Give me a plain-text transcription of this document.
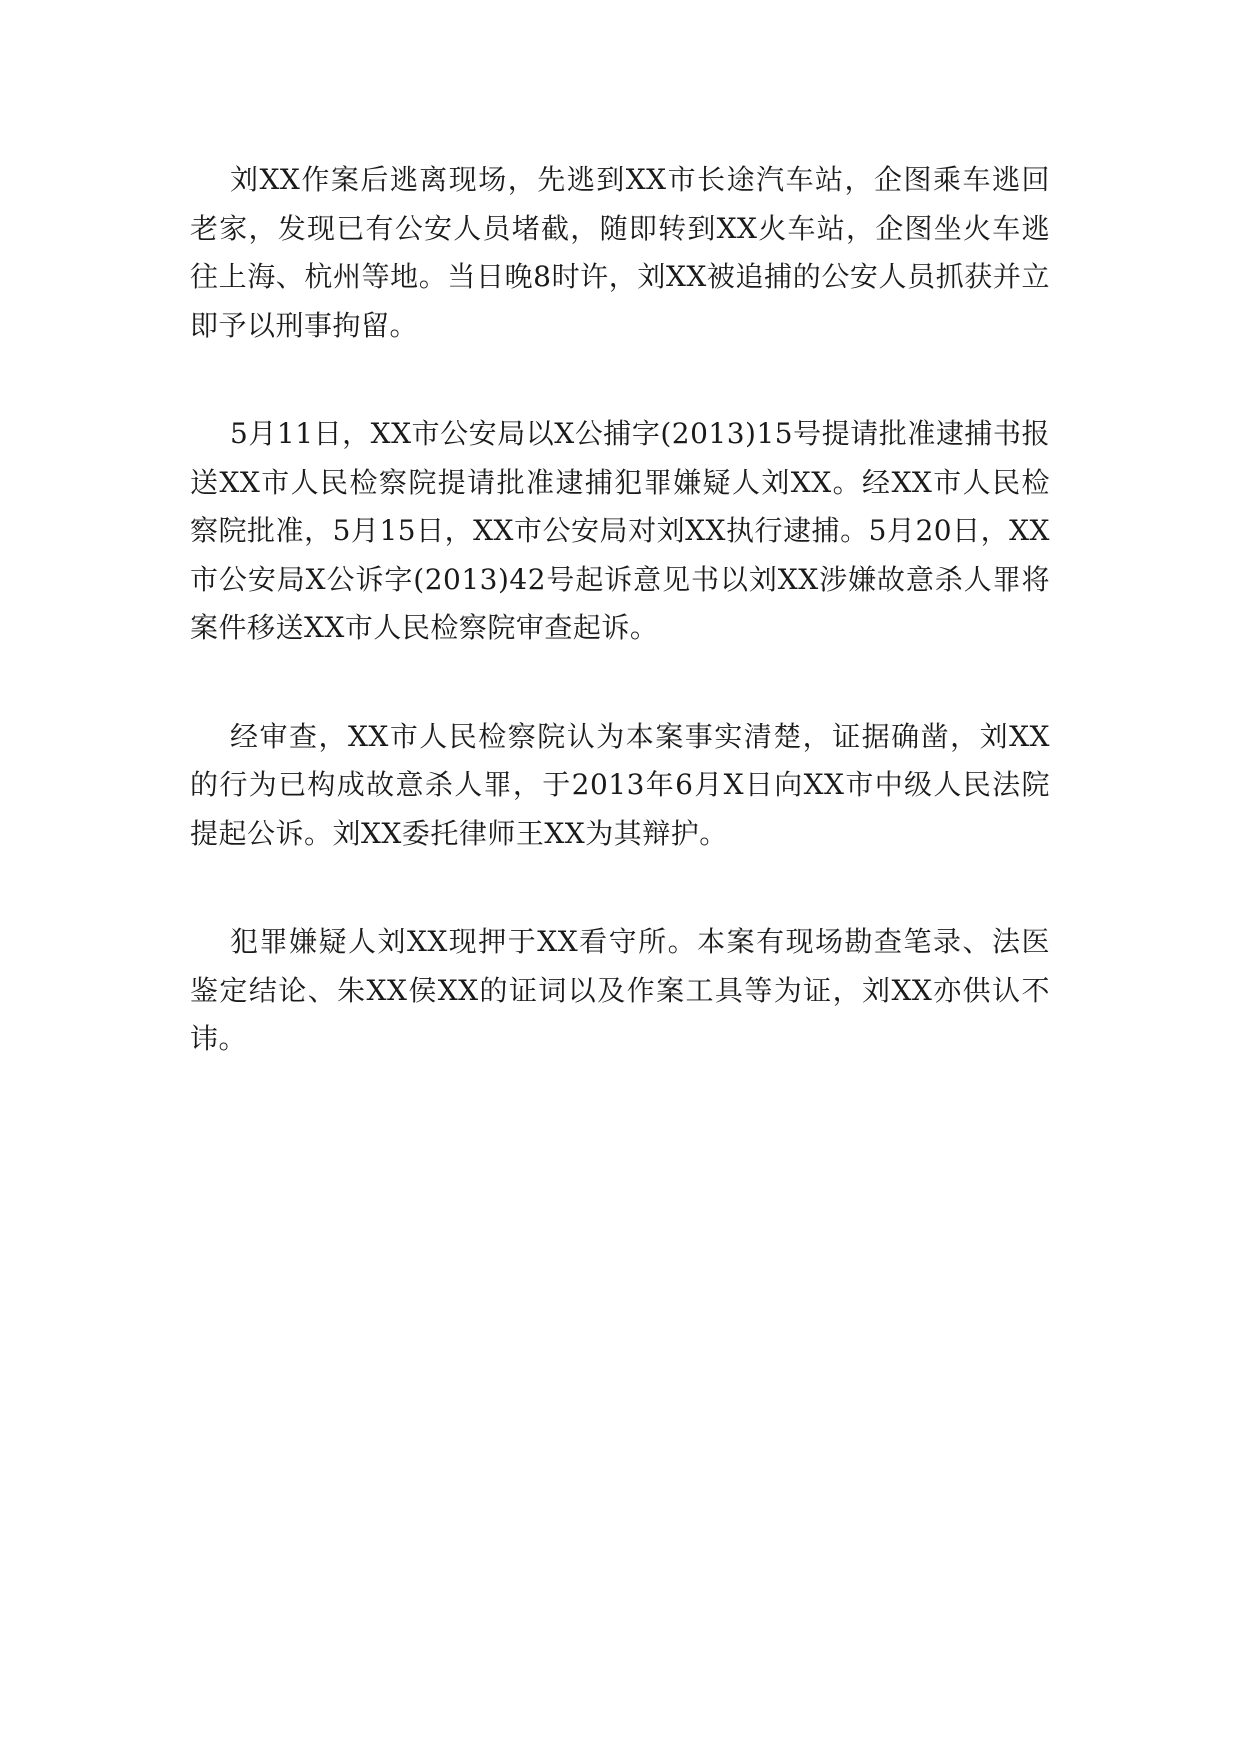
刘XX作案后逃离现场，先逃到XX市长途汽车站，企图乘车逃回老家，发现已有公安人员堵截，随即转到XX火车站，企图坐火车逃往上海、杭州等地。当日晚8时许，刘XX被追捕的公安人员抓获并立即予以刑事拘留。

5月11日，XX市公安局以X公捕字(2013)15号提请批准逮捕书报送XX市人民检察院提请批准逮捕犯罪嫌疑人刘XX。经XX市人民检察院批准，5月15日，XX市公安局对刘XX执行逮捕。5月20日，XX市公安局X公诉字(2013)42号起诉意见书以刘XX涉嫌故意杀人罪将案件移送XX市人民检察院审查起诉。

经审查，XX市人民检察院认为本案事实清楚，证据确凿，刘XX的行为已构成故意杀人罪，于2013年6月X日向XX市中级人民法院提起公诉。刘XX委托律师王XX为其辩护。

犯罪嫌疑人刘XX现押于XX看守所。本案有现场勘查笔录、法医鉴定结论、朱XX侯XX的证词以及作案工具等为证，刘XX亦供认不讳。
